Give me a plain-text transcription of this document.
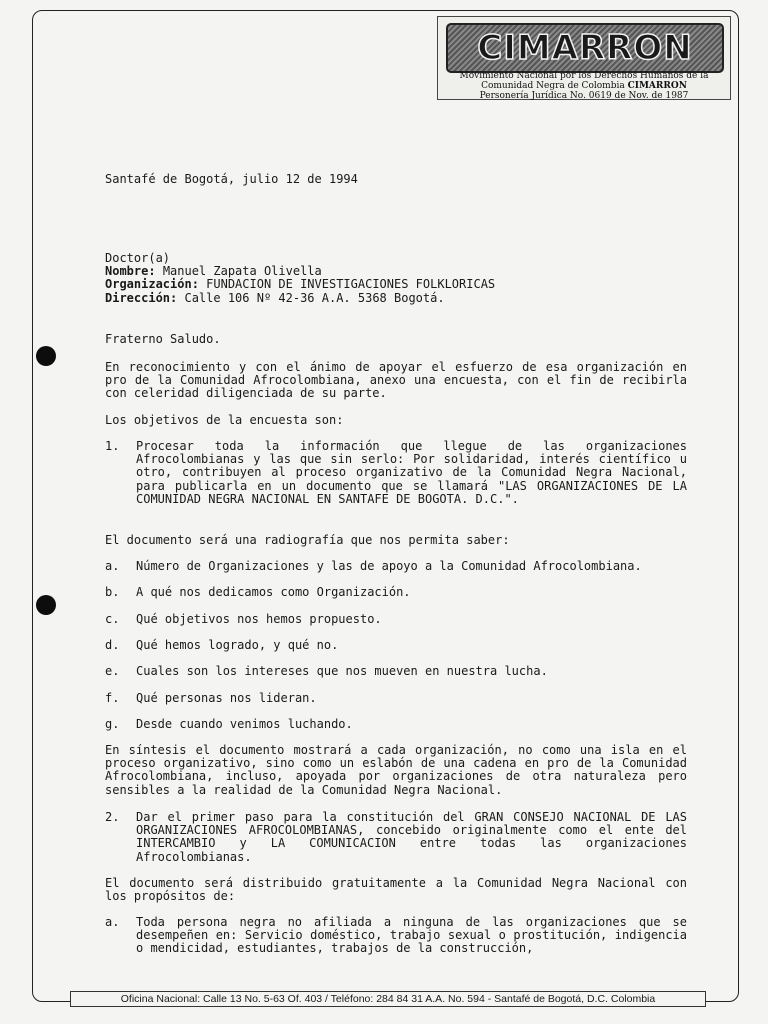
CIMARRON
Movimiento Nacional por los Derechos Humanos de la
Comunidad Negra de Colombia CIMARRON
Personería Jurídica No. 0619 de Nov. de 1987
Santafé de Bogotá, julio 12 de 1994
Doctor(a)
Nombre: Manuel Zapata Olivella
Organización: FUNDACION DE INVESTIGACIONES FOLKLORICAS
Dirección: Calle 106 Nº 42-36 A.A. 5368 Bogotá.
Fraterno Saludo.
En reconocimiento y con el ánimo de apoyar el esfuerzo de esa organización en pro de la Comunidad Afrocolombiana, anexo una encuesta, con el fin de recibirla con celeridad diligenciada de su parte.
Los objetivos de la encuesta son:
1. Procesar toda la información que llegue de las organizaciones Afrocolombianas y las que sin serlo: Por solidaridad, interés científico u otro, contribuyen al proceso organizativo de la Comunidad Negra Nacional, para publicarla en un documento que se llamará "LAS ORGANIZACIONES DE LA COMUNIDAD NEGRA NACIONAL EN SANTAFE DE BOGOTA. D.C.".
El documento será una radiografía que nos permita saber:
a. Número de Organizaciones y las de apoyo a la Comunidad Afrocolombiana.
b. A qué nos dedicamos como Organización.
c. Qué objetivos nos hemos propuesto.
d. Qué hemos logrado, y qué no.
e. Cuales son los intereses que nos mueven en nuestra lucha.
f. Qué personas nos lideran.
g. Desde cuando venimos luchando.
En síntesis el documento mostrará a cada organización, no como una isla en el proceso organizativo, sino como un eslabón de una cadena en pro de la Comunidad Afrocolombiana, incluso, apoyada por organizaciones de otra naturaleza pero sensibles a la realidad de la Comunidad Negra Nacional.
2. Dar el primer paso para la constitución del GRAN CONSEJO NACIONAL DE LAS ORGANIZACIONES AFROCOLOMBIANAS, concebido originalmente como el ente del INTERCAMBIO y LA COMUNICACION entre todas las organizaciones Afrocolombianas.
El documento será distribuido gratuitamente a la Comunidad Negra Nacional con los propósitos de:
a. Toda persona negra no afiliada a ninguna de las organizaciones que se desempeñen en: Servicio doméstico, trabajo sexual o prostitución, indigencia o mendicidad, estudiantes, trabajos de la construcción,
Oficina Nacional: Calle 13 No. 5-63 Of. 403 / Teléfono: 284 84 31 A.A. No. 594 - Santafé de Bogotá, D.C. Colombia
